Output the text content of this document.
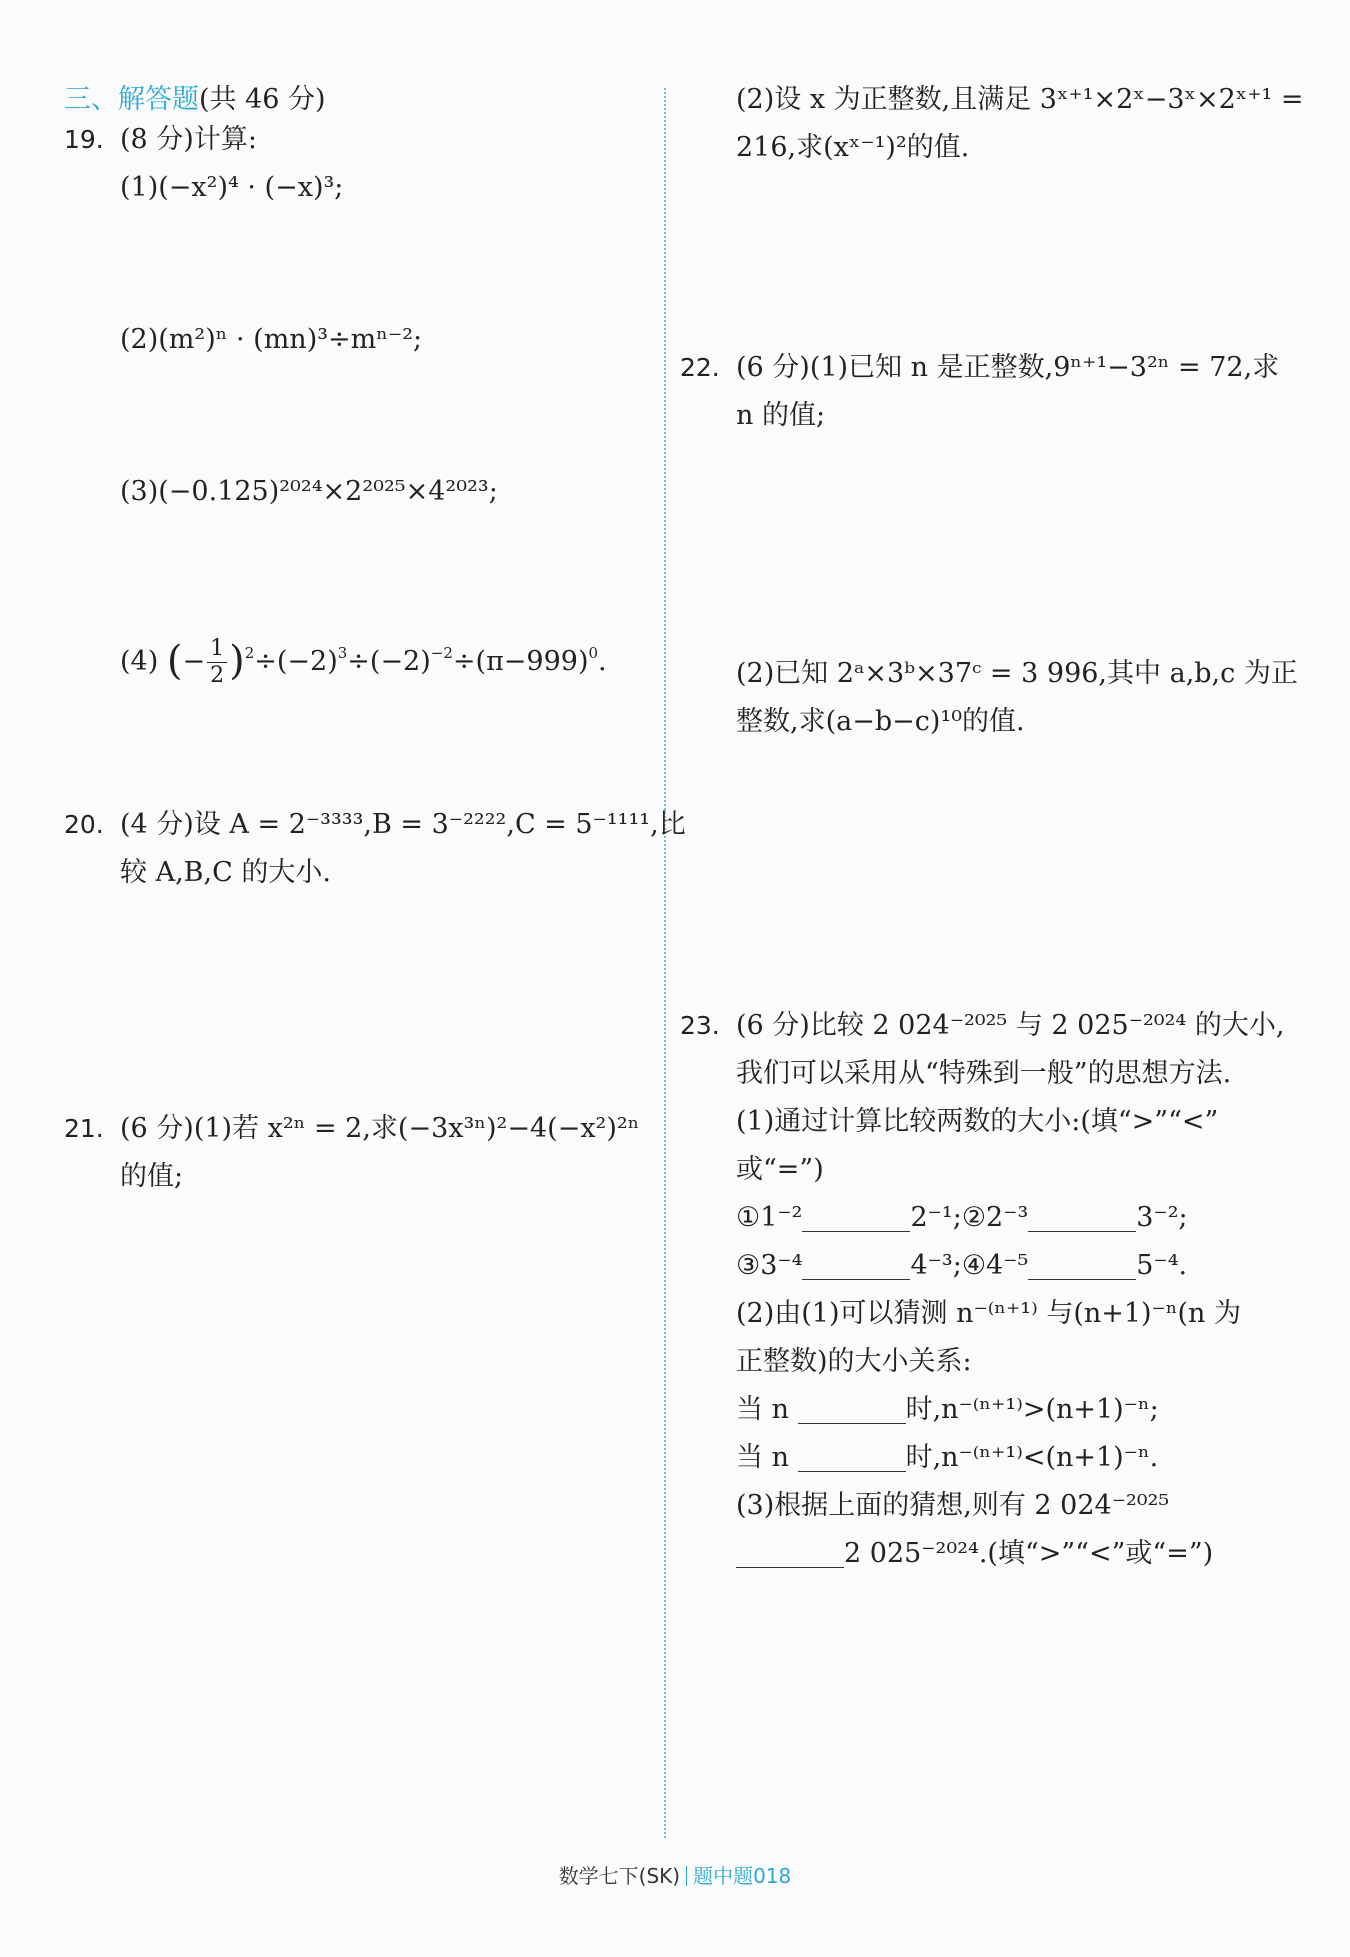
三、解答题(共 46 分)
19. (8 分)计算:
(1)(−x²)⁴ · (−x)³;
(2)(m²)ⁿ · (mn)³÷mⁿ⁻²;
(3)(−0.125)²⁰²⁴×2²⁰²⁵×4²⁰²³;
(4) (− $\frac{1}{2} )^2\div(-2)^3\div(-2)^{-2}\div(\pi-999)^0$.
20. (4 分)设 A = 2⁻³³³³,B = 3⁻²²²²,C = 5⁻¹¹¹¹,比
较 A,B,C 的大小.
21. (6 分)(1)若 x²ⁿ = 2,求(−3x³ⁿ)²−4(−x²)²ⁿ
的值;
(2)设 x 为正整数,且满足 3ˣ⁺¹×2ˣ−3ˣ×2ˣ⁺¹ =
216,求(xˣ⁻¹)²的值.
22. (6 分)(1)已知 n 是正整数,9ⁿ⁺¹−3²ⁿ = 72,求
n 的值;
(2)已知 2ᵃ×3ᵇ×37ᶜ = 3 996,其中 a,b,c 为正
整数,求(a−b−c)¹⁰的值.
23. (6 分)比较 2 024⁻²⁰²⁵ 与 2 025⁻²⁰²⁴ 的大小,
我们可以采用从“特殊到一般”的思想方法.
(1)通过计算比较两数的大小:(填“>”“<”
或“=”)
①1⁻²	2⁻¹;②2⁻³	3⁻²;
③3⁻⁴	4⁻³;④4⁻⁵	5⁻⁴.
(2)由(1)可以猜测 n⁻⁽ⁿ⁺¹⁾ 与(n+1)⁻ⁿ(n 为
正整数)的大小关系:
当 n	时,n⁻⁽ⁿ⁺¹⁾>(n+1)⁻ⁿ;
当 n	时,n⁻⁽ⁿ⁺¹⁾<(n+1)⁻ⁿ.
(3)根据上面的猜想,则有 2 024⁻²⁰²⁵
2 025⁻²⁰²⁴.(填“>”“<”或“=”)
数学七下(SK) 题中题018
